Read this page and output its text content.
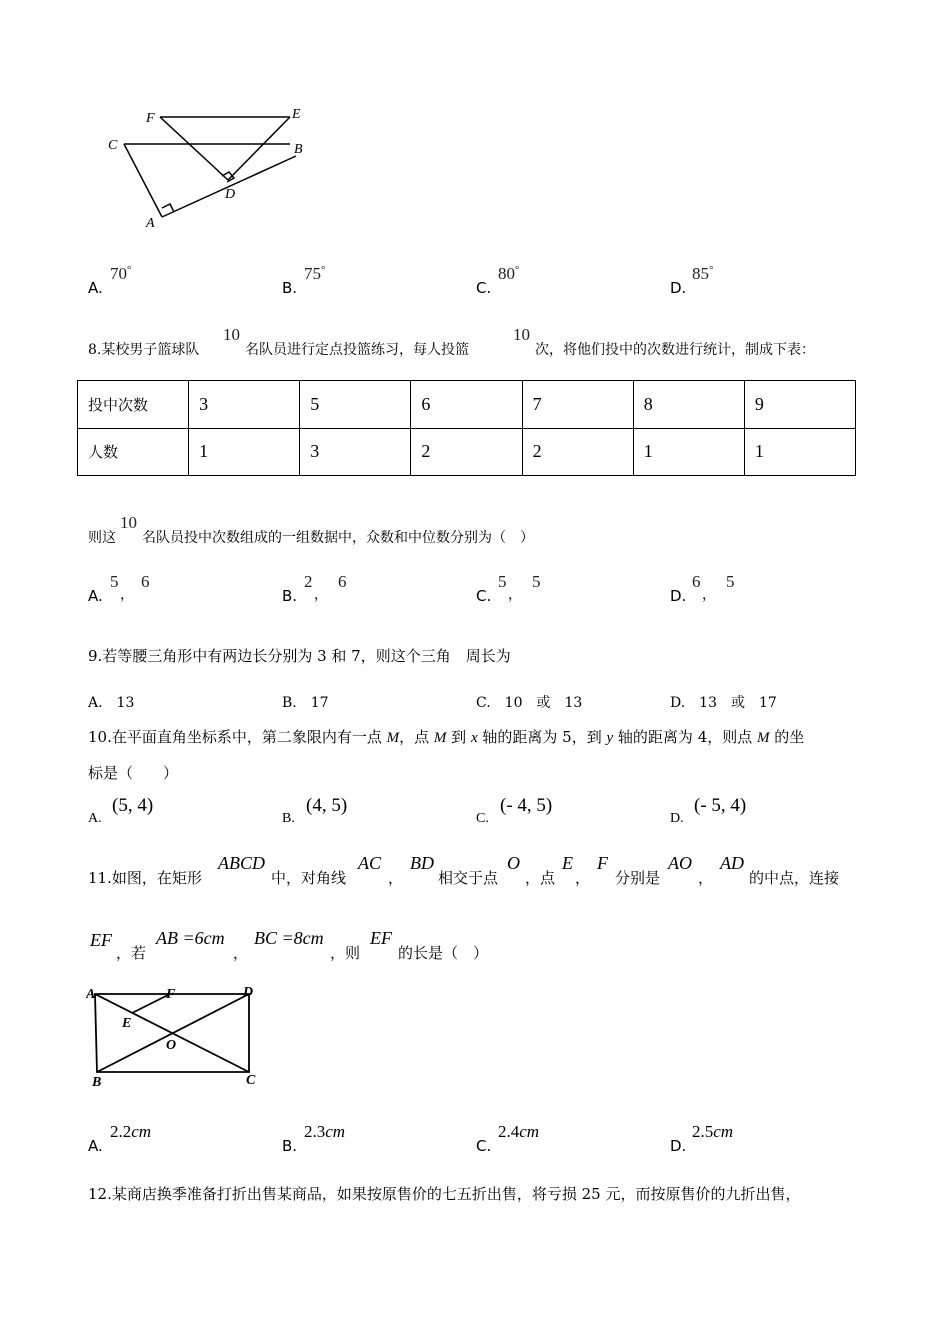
F	E
C	B
D
A
A.
70°
B.
75°
C.
80°
D.
85°
8.某校男子篮球队
10
名队员进行定点投篮练习，每人投篮
10
次，将他们投中的次数进行统计，制成下表：
投中次数	3	5	6	7	8	9
人数	1	3	2	2	1	1
则这
10
名队员投中次数组成的一组数据中，众数和中位数分别为（　）
A.
5
，
6
B.
2
，
6
C.
5
，
5
D.
6
，
5
9.若等腰三角形中有两边长分别为 3 和 7，则这个三角　周长为
A.　13	B.　17	C.　10　或　13	D.　13　或　17
10.在平面直角坐标系中，第二象限内有一点 M，点 M 到 x 轴的距离为 5，到 y 轴的距离为 4，则点 M 的坐
标是（　　）
A.
(5, 4)
B.
(4, 5)
C.
(- 4, 5)
D.
(- 5, 4)
11.如图，在矩形
ABCD
中，对角线
AC
，
BD
相交于点
O
，点
E
，
F
分别是
AO
，
AD
的中点，连接
EF
，若
AB =6cm
，
BC =8cm
，则
EF
的长是（　）
A	F	D
E
O
B	C
A.
2.2cm
B.
2.3cm
C.
2.4cm
D.
2.5cm
12.某商店换季准备打折出售某商品，如果按原售价的七五折出售，将亏损 25 元，而按原售价的九折出售，
